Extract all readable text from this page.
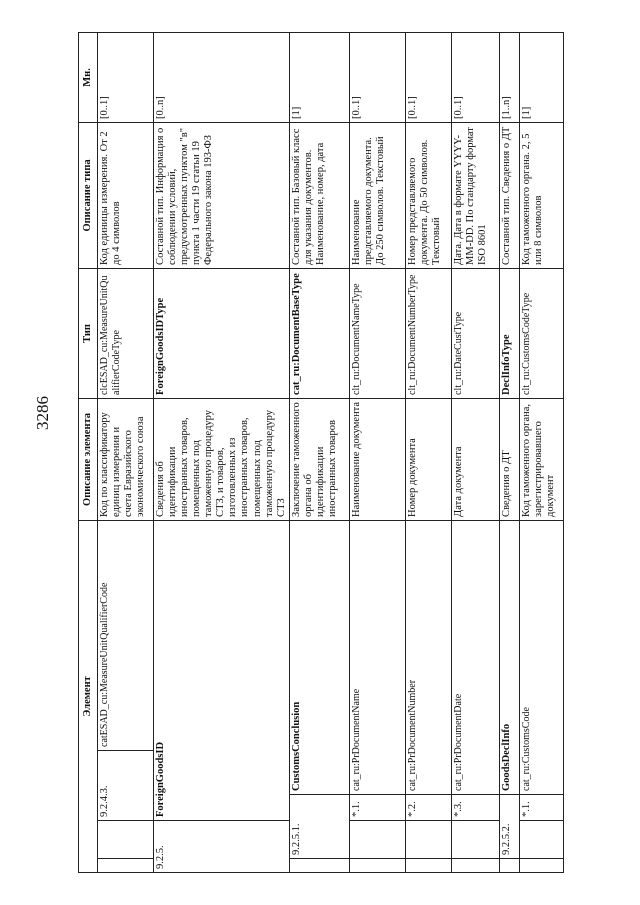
3286
Элемент					Описание элемента	Тип	Описание типа	Мн.
		9.2.4.3.		catESAD_cu:MeasureUnitQualifierCode	Код по классификатору единиц измерения и счета Евразийского экономического союза	clcESAD_cu:MeasureUnitQualifierCodeType	Код единицы измерения. От 2 до 4 символов	[0..1]
9.2.5.		ForeignGoodsID			Сведения об идентификации иностранных товаров, помещенных под таможенную процедуру СТЗ, и товаров, изготовленных из иностранных товаров, помещенных под таможенную процедуру СТЗ	ForeignGoodsIDType	Составной тип. Информация о соблюдении условий, предусмотренных пунктом "в" пункта 1 части 19 статьи 19 Федерального закона 193-ФЗ	[0..n]
	9.2.5.1.		CustomsConclusion		Заключение таможенного органа об идентификации иностранных товаров	cat_ru:DocumentBaseType	Составной тип. Базовый класс для указания документов. Наименование, номер, дата	[1]
		*.1.	cat_ru:PrDocumentName		Наименование документа	clt_ru:DocumentNameType	Наименование представляемого документа. До 250 символов. Текстовый	[0..1]
		*.2.	cat_ru:PrDocumentNumber		Номер документа	clt_ru:DocumentNumberType	Номер представляемого документа. До 50 символов. Текстовый	[0..1]
		*.3.	cat_ru:PrDocumentDate		Дата документа	clt_ru:DateCustType	Дата. Дата в формате YYYY-MM-DD. По стандарту формат ISO 8601	[0..1]
	9.2.5.2.		GoodsDeclInfo		Сведения о ДТ	DeclInfoType	Составной тип. Сведения о ДТ	[1..n]
		*.1.	cat_ru:CustomsCode		Код таможенного органа, зарегистрировавшего документ	clt_ru:CustomsCodeType	Код таможенного органа. 2, 5 или 8 символов	[1]
